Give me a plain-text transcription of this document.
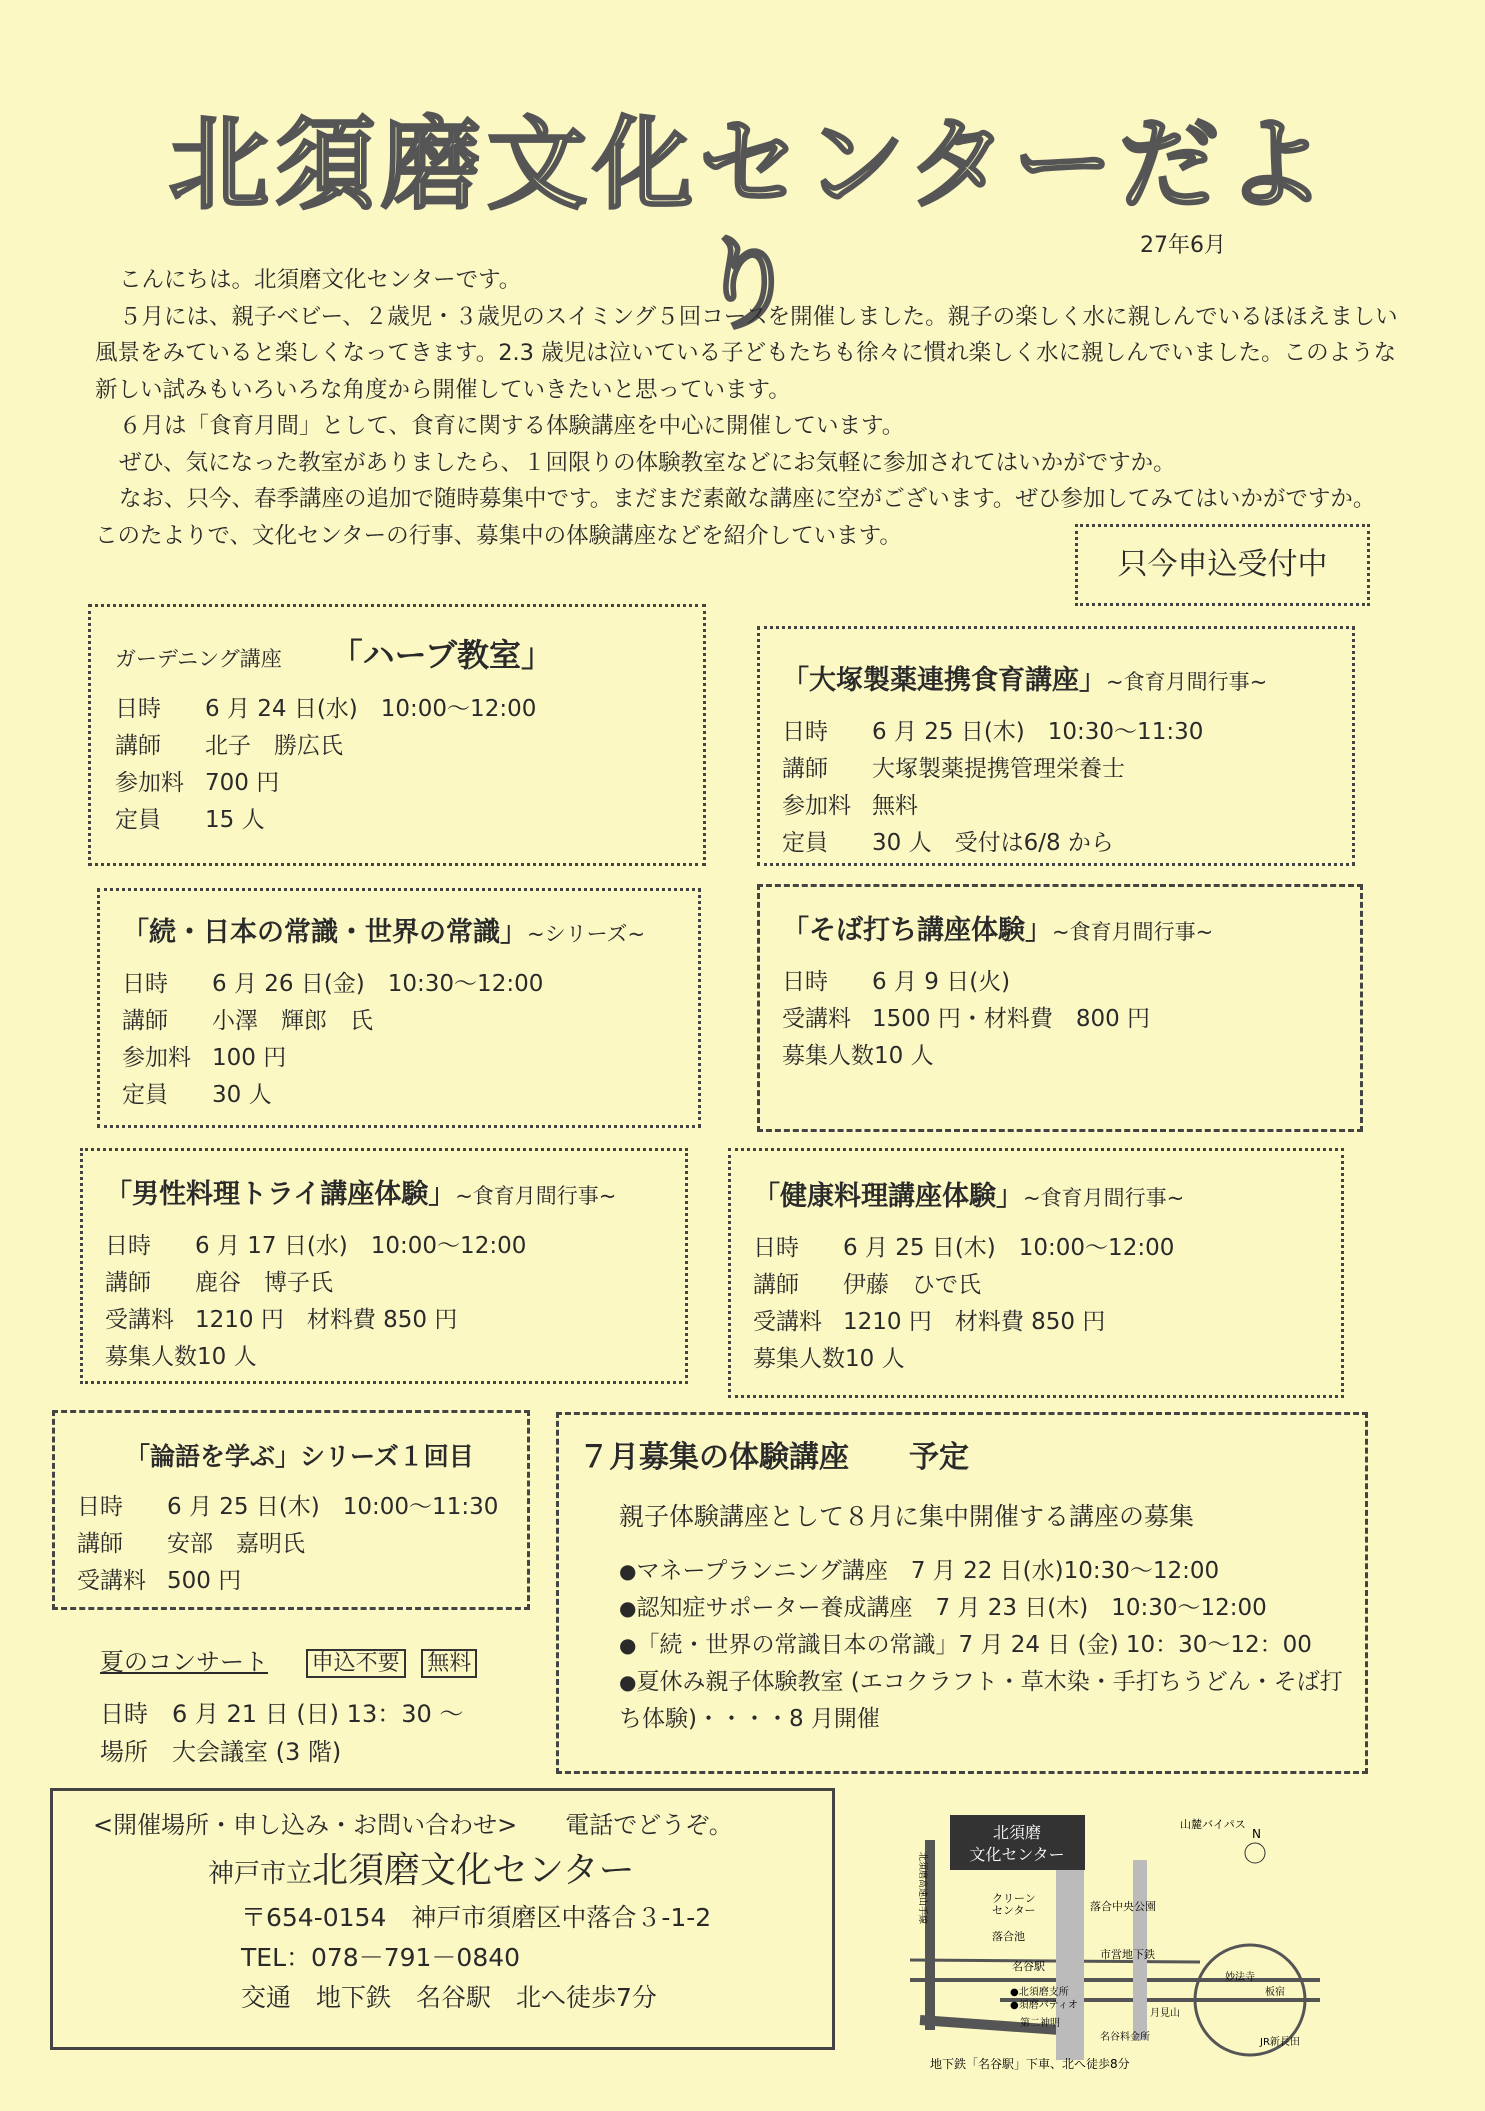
北須磨文化センターだより	27年6月

こんにちは。北須磨文化センターです。

５月には、親子ベビー、２歳児・３歳児のスイミング５回コースを開催しました。親子の楽しく水に親しんでいるほほえましい風景をみていると楽しくなってきます。2.3 歳児は泣いている子どもたちも徐々に慣れ楽しく水に親しんでいました。このような新しい試みもいろいろな角度から開催していきたいと思っています。

６月は「食育月間」として、食育に関する体験講座を中心に開催しています。

ぜひ、気になった教室がありましたら、１回限りの体験教室などにお気軽に参加されてはいかがですか。

なお、只今、春季講座の追加で随時募集中です。まだまだ素敵な講座に空がございます。ぜひ参加してみてはいかがですか。

このたよりで、文化センターの行事、募集中の体験講座などを紹介しています。

只今申込受付中
ガーデニング講座 「ハーブ教室」
日時 6 月 24 日(水)　10:00～12:00
講師 北子　勝広氏
参加料 700 円
定員 15 人
「大塚製薬連携食育講座」~食育月間行事~
日時 6 月 25 日(木)　10:30～11:30
講師 大塚製薬提携管理栄養士
参加料 無料
定員 30 人　受付は6/8 から
「続・日本の常識・世界の常識」~シリーズ~
日時 6 月 26 日(金)　10:30～12:00
講師 小澤　輝郎　氏
参加料 100 円
定員 30 人
「そば打ち講座体験」~食育月間行事~
日時 6 月 9 日(火)
受講料 1500 円・材料費　800 円
募集人数10 人
「男性料理トライ講座体験」~食育月間行事~
日時 6 月 17 日(水)　10:00～12:00
講師 鹿谷　博子氏
受講料 1210 円　材料費 850 円
募集人数10 人
「健康料理講座体験」~食育月間行事~
日時 6 月 25 日(木)　10:00～12:00
講師 伊藤　ひで氏
受講料 1210 円　材料費 850 円
募集人数10 人
「論語を学ぶ」シリーズ１回目
日時 6 月 25 日(木)　10:00～11:30
講師 安部　嘉明氏
受講料 500 円
夏のコンサート 申込不要 無料
日時　 6 月 21 日 (日) 13：30 ～
場所　 大会議室 (3 階)
７月募集の体験講座　　予定
親子体験講座として８月に集中開催する講座の募集
●マネープランニング講座　7 月 22 日(水)10:30～12:00
●認知症サポーター養成講座　7 月 23 日(木)　10:30～12:00
●「続・世界の常識日本の常識」7 月 24 日 (金) 10：30～12：00
●夏休み親子体験教室 (エコクラフト・草木染・手打ちうどん・そば打ち体験)・・・・8 月開催
<開催場所・申し込み・お問い合わせ>　　電話でどうぞ。
神戸市立北須磨文化センター
〒654-0154　神戸市須磨区中落合３-1-2
TEL：078－791－0840
交通　地下鉄　名谷駅　北へ徒歩7分
北須磨
文化センター
山麓バイパス
N
クリーン
センター	落合中央公園
落合池
名谷駅
市営地下鉄
●北須磨支所
●須磨パティオ
第二神明
名谷料金所
月見山
妙法寺
板宿
JR新長田
北須磨高速山手線
地下鉄「名谷駅」下車、北へ徒歩8分
